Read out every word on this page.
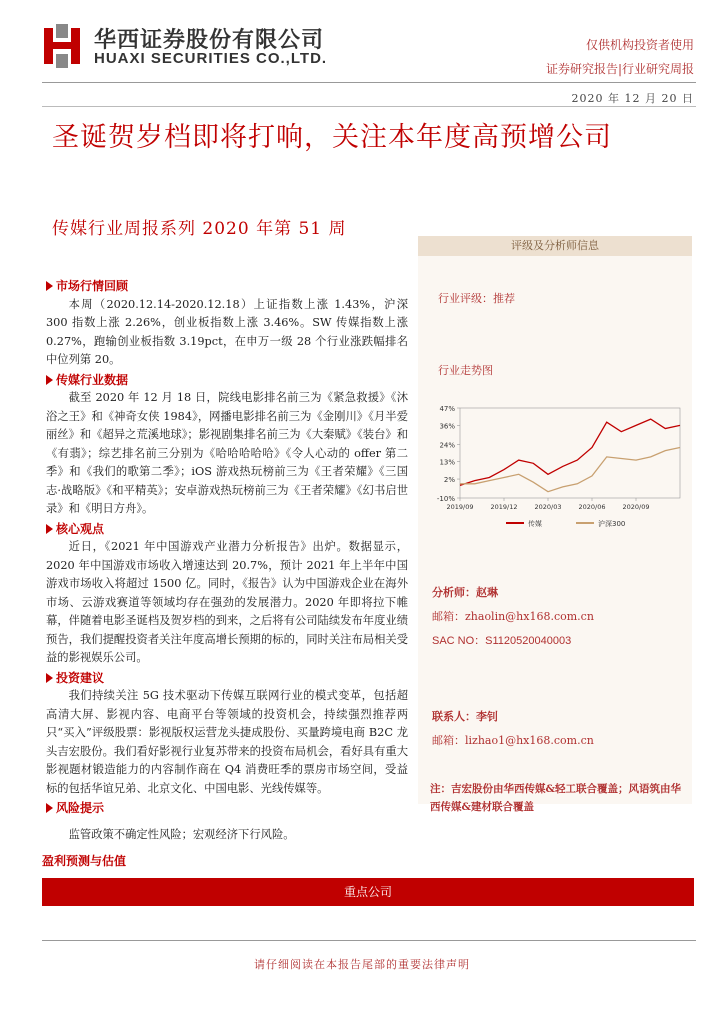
华西证券股份有限公司
HUAXI SECURITIES CO.,LTD.
仅供机构投资者使用
证券研究报告|行业研究周报
2020 年 12 月 20 日
圣诞贺岁档即将打响，关注本年度高预增公司
传媒行业周报系列 2020 年第 51 周
市场行情回顾

本周（2020.12.14-2020.12.18）上证指数上涨 1.43%，沪深 300 指数上涨 2.26%，创业板指数上涨 3.46%。SW 传媒指数上涨 0.27%，跑输创业板指数 3.19pct，在申万一级 28 个行业涨跌幅排名中位列第 20。

传媒行业数据

截至 2020 年 12 月 18 日，院线电影排名前三为《紧急救援》《沐浴之王》和《神奇女侠 1984》，网播电影排名前三为《金刚川》《月半爱丽丝》和《超异之荒溪地球》；影视剧集排名前三为《大秦赋》《装台》和《有翡》；综艺排名前三分别为《哈哈哈哈哈》《令人心动的 offer 第二季》和《我们的歌第二季》；iOS 游戏热玩榜前三为《王者荣耀》《三国志·战略版》《和平精英》；安卓游戏热玩榜前三为《王者荣耀》《幻书启世录》和《明日方舟》。

核心观点

近日，《2021 年中国游戏产业潜力分析报告》出炉。数据显示，2020 年中国游戏市场收入增速达到 20.7%，预计 2021 年上半年中国游戏市场收入将超过 1500 亿。同时，《报告》认为中国游戏企业在海外市场、云游戏赛道等领域均存在强劲的发展潜力。2020 年即将拉下帷幕，伴随着电影圣诞档及贺岁档的到来，之后将有公司陆续发布年度业绩预告，我们提醒投资者关注年度高增长预期的标的，同时关注布局相关受益的影视娱乐公司。

投资建议

我们持续关注 5G 技术驱动下传媒互联网行业的模式变革，包括超高清大屏、影视内容、电商平台等领域的投资机会，持续强烈推荐两只“买入”评级股票：影视版权运营龙头捷成股份、买量跨境电商 B2C 龙头吉宏股份。我们看好影视行业复苏带来的投资布局机会，看好具有重大影视题材锻造能力的内容制作商在 Q4 消费旺季的票房市场空间，受益标的包括华谊兄弟、北京文化、中国电影、光线传媒等。

风险提示

监管政策不确定性风险；宏观经济下行风险。

评级及分析师信息
行业评级：推荐
行业走势图
47%
36%
24%
13%
2%
-10%
2019/09	2019/12	2020/03	2020/06	2020/09
传媒	沪深300
分析师：赵琳
邮箱：zhaolin@hx168.com.cn
SAC NO：S1120520040003
联系人：李钊
邮箱：lizhao1@hx168.com.cn
注：吉宏股份由华西传媒&轻工联合覆盖；风语筑由华西传媒&建材联合覆盖
盈利预测与估值
重点公司
请仔细阅读在本报告尾部的重要法律声明
